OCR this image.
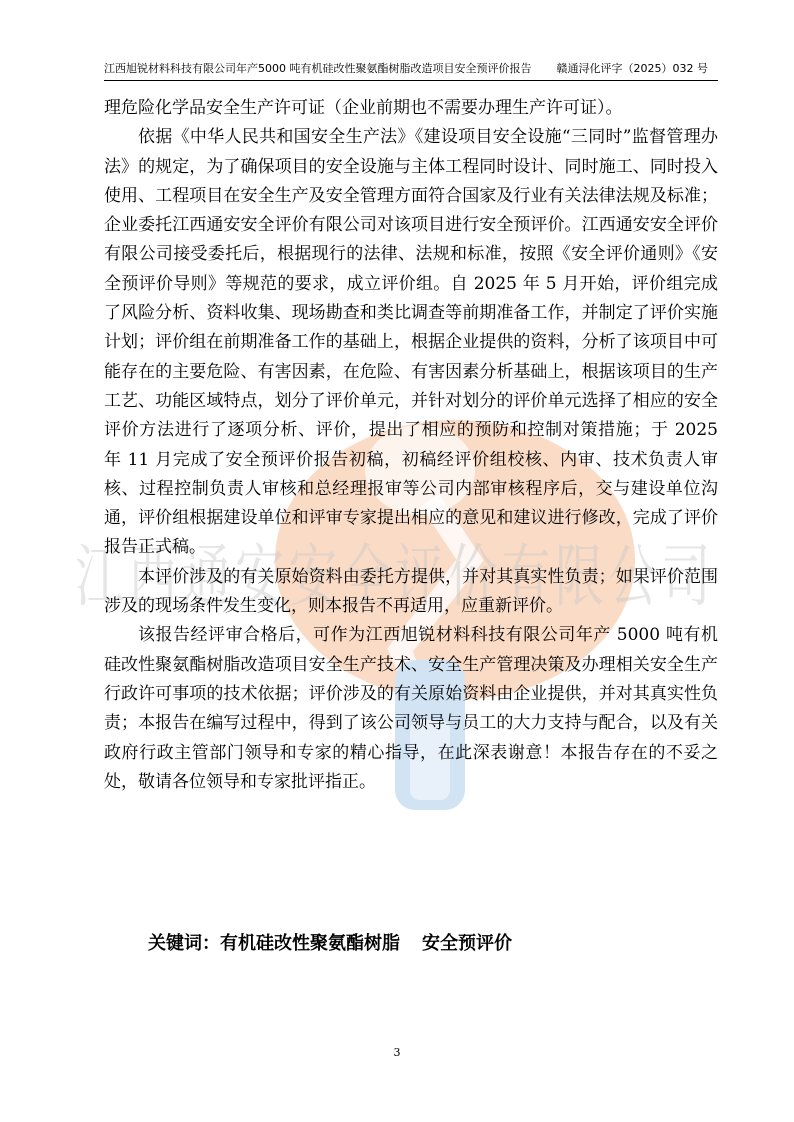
江西旭锐材料科技有限公司年产5000 吨有机硅改性聚氨酯树脂改造项目安全预评价报告 赣通浔化评字（2025）032 号
江西通安安全评价有限公司

理危险化学品安全生产许可证（企业前期也不需要办理生产许可证）。

依据《中华人民共和国安全生产法》《建设项目安全设施“三同时”监督管理办法》的规定，为了确保项目的安全设施与主体工程同时设计、同时施工、同时投入使用、工程项目在安全生产及安全管理方面符合国家及行业有关法律法规及标准；企业委托江西通安安全评价有限公司对该项目进行安全预评价。江西通安安全评价有限公司接受委托后，根据现行的法律、法规和标准，按照《安全评价通则》《安全预评价导则》等规范的要求，成立评价组。自 2025 年 5 月开始，评价组完成了风险分析、资料收集、现场勘查和类比调查等前期准备工作，并制定了评价实施计划；评价组在前期准备工作的基础上，根据企业提供的资料，分析了该项目中可能存在的主要危险、有害因素，在危险、有害因素分析基础上，根据该项目的生产工艺、功能区域特点，划分了评价单元，并针对划分的评价单元选择了相应的安全评价方法进行了逐项分析、评价，提出了相应的预防和控制对策措施；于 2025 年 11 月完成了安全预评价报告初稿，初稿经评价组校核、内审、技术负责人审核、过程控制负责人审核和总经理报审等公司内部审核程序后，交与建设单位沟通，评价组根据建设单位和评审专家提出相应的意见和建议进行修改，完成了评价报告正式稿。

本评价涉及的有关原始资料由委托方提供，并对其真实性负责；如果评价范围涉及的现场条件发生变化，则本报告不再适用，应重新评价。

该报告经评审合格后，可作为江西旭锐材料科技有限公司年产 5000 吨有机硅改性聚氨酯树脂改造项目安全生产技术、安全生产管理决策及办理相关安全生产行政许可事项的技术依据；评价涉及的有关原始资料由企业提供，并对其真实性负责；本报告在编写过程中，得到了该公司领导与员工的大力支持与配合，以及有关政府行政主管部门领导和专家的精心指导，在此深表谢意！本报告存在的不妥之处，敬请各位领导和专家批评指正。

关键词：有机硅改性聚氨酯树脂 安全预评价
3
